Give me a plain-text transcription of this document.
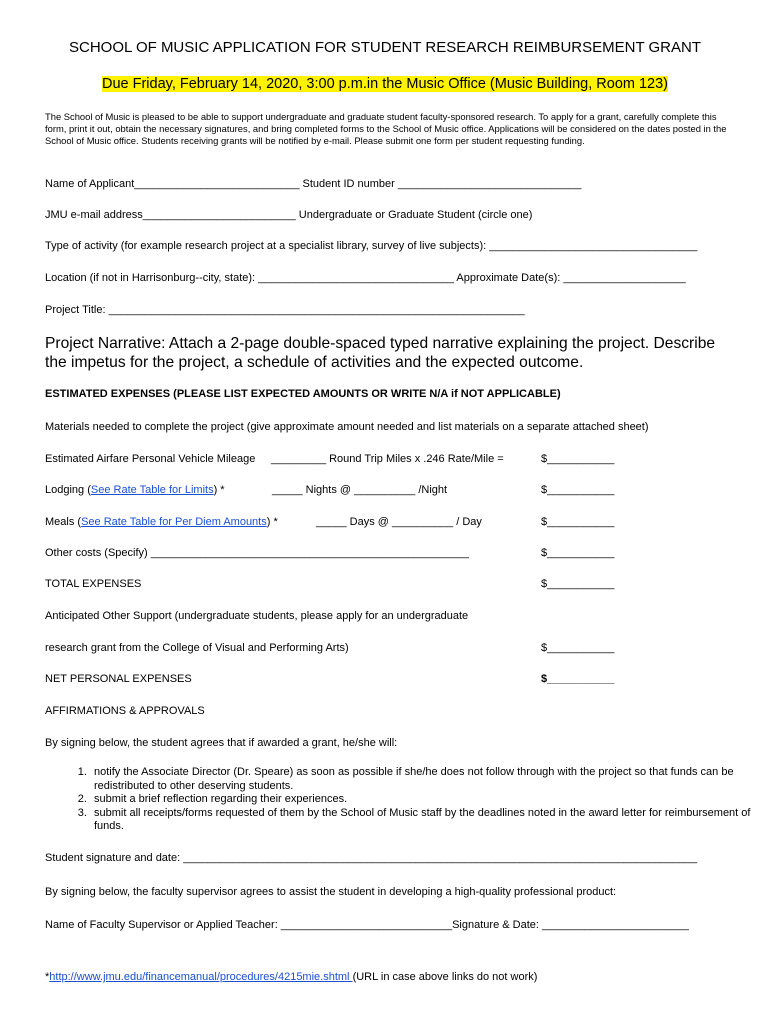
SCHOOL OF MUSIC APPLICATION FOR STUDENT RESEARCH REIMBURSEMENT GRANT
Due Friday, February 14, 2020, 3:00 p.m.in the Music Office (Music Building, Room 123)
The School of Music is pleased to be able to support undergraduate and graduate student faculty-sponsored research. To apply for a grant, carefully complete this form, print it out, obtain the necessary signatures, and bring completed forms to the School of Music office. Applications will be considered on the dates posted in the School of Music office. Students receiving grants will be notified by e-mail. Please submit one form per student requesting funding.
Name of Applicant___________________________ Student ID number ______________________________
JMU e-mail address_________________________ Undergraduate or Graduate Student (circle one)
Type of activity (for example research project at a specialist library, survey of live subjects): __________________________________
Location (if not in Harrisonburg--city, state): ________________________________ Approximate Date(s): ____________________
Project Title: ____________________________________________________________________
Project Narrative: Attach a 2-page double-spaced typed narrative explaining the project. Describe the impetus for the project, a schedule of activities and the expected outcome.
ESTIMATED EXPENSES (PLEASE LIST EXPECTED AMOUNTS OR WRITE N/A if NOT APPLICABLE)
Materials needed to complete the project (give approximate amount needed and list materials on a separate attached sheet)
Estimated Airfare Personal Vehicle Mileage _________ Round Trip Miles x .246 Rate/Mile =	$___________
Lodging (See Rate Table for Limits) *	_____ Nights @ __________ /Night	$___________
Meals (See Rate Table for Per Diem Amounts) *	_____ Days @ __________ / Day	$___________
Other costs (Specify) ____________________________________________________	$___________
TOTAL EXPENSES	$___________
Anticipated Other Support (undergraduate students, please apply for an undergraduate
research grant from the College of Visual and Performing Arts)	$___________
NET PERSONAL EXPENSES	$___________
AFFIRMATIONS & APPROVALS
By signing below, the student agrees that if awarded a grant, he/she will:
1. notify the Associate Director (Dr. Speare) as soon as possible if she/he does not follow through with the project so that funds can be redistributed to other deserving students.
2. submit a brief reflection regarding their experiences.
3. submit all receipts/forms requested of them by the School of Music staff by the deadlines noted in the award letter for reimbursement of funds.
Student signature and date: ____________________________________________________________________________________
By signing below, the faculty supervisor agrees to assist the student in developing a high-quality professional product:
Name of Faculty Supervisor or Applied Teacher: ____________________________Signature & Date: ________________________
*http://www.jmu.edu/financemanual/procedures/4215mie.shtml (URL in case above links do not work)
